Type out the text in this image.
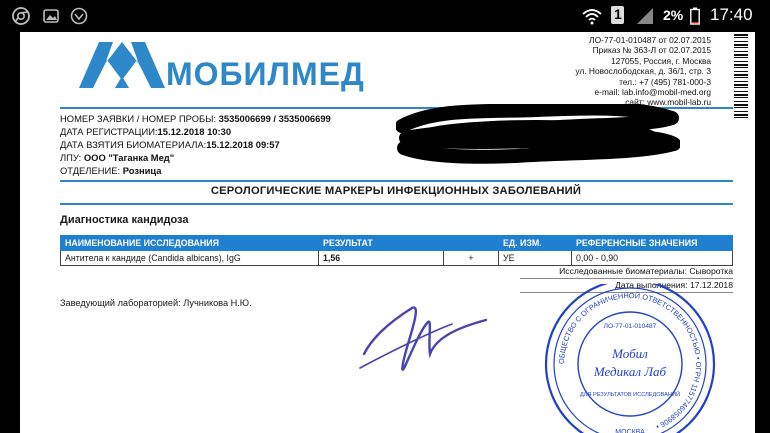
1	2% 17:40
МОБИЛМЕД
ЛО-77-01-010487 от 02.07.2015
Приказ № 363-Л от 02.07.2015
127055, Россия, г. Москва
ул. Новослободская, д. 36/1, стр. 3
тел.: +7 (495) 781-000-3
e-mail: lab.info@mobil-med.org
сайт: www.mobil-lab.ru
НОМЕР ЗАЯВКИ / НОМЕР ПРОБЫ: 3535006699 / 3535006699
ДАТА РЕГИСТРАЦИИ:15.12.2018 10:30
ДАТА ВЗЯТИЯ БИОМАТЕРИАЛА:15.12.2018 09:57
ЛПУ: ООО "Таганка Мед"
ОТДЕЛЕНИЕ: Розница
СЕРОЛОГИЧЕСКИЕ МАРКЕРЫ ИНФЕКЦИОННЫХ ЗАБОЛЕВАНИЙ
Диагностика кандидоза
НАИМЕНОВАНИЕ ИССЛЕДОВАНИЯ	РЕЗУЛЬТАТ		ЕД. ИЗМ.	РЕФЕРЕНСНЫЕ ЗНАЧЕНИЯ
Антитела к кандиде (Candida albicans), IgG	1,56	+	УЕ	0,00 - 0,90
Исследованные биоматериалы: Сыворотка
Дата выполнения: 17.12.2018
Заведующий лабораторией: Лучникова Н.Ю.
ОБЩЕСТВО С ОГРАНИЧЕННОЙ ОТВЕТСТВЕННОСТЬЮ • ОГРН 1157746058906 •
ЛО-77-01-010487
Мобил
Медикал Лаб
ДЛЯ РЕЗУЛЬТАТОВ ИССЛЕДОВАНИЙ
МОСКВА
